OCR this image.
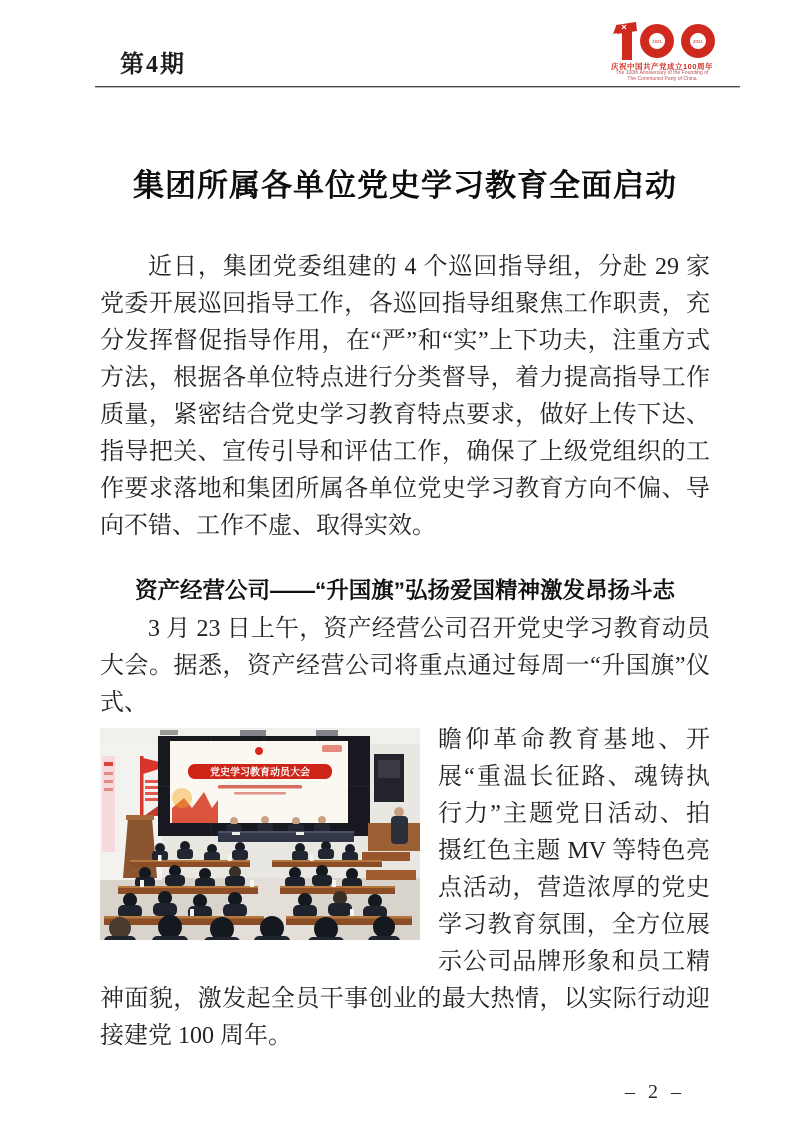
第4期
1921	2021
庆祝中国共产党成立100周年
The 100th Anniversary of the Founding of
The Communist Party of China
集团所属各单位党史学习教育全面启动

近日，集团党委组建的 4 个巡回指导组，分赴 29 家党委开展巡回指导工作，各巡回指导组聚焦工作职责，充分发挥督促指导作用，在“严”和“实”上下功夫，注重方式方法，根据各单位特点进行分类督导，着力提高指导工作质量，紧密结合党史学习教育特点要求，做好上传下达、指导把关、宣传引导和评估工作，确保了上级党组织的工作要求落地和集团所属各单位党史学习教育方向不偏、导向不错、工作不虚、取得实效。

资产经营公司——“升国旗”弘扬爱国精神激发昂扬斗志

3 月 23 日上午，资产经营公司召开党史学习教育动员大会。据悉，资产经营公司将重点通过每周一“升国旗”仪式、

党史学习教育动员大会
瞻仰革命教育基地、开展“重温长征路、魂铸执行力”主题党日活动、拍摄红色主题 MV 等特色亮点活动，营造浓厚的党史学习教育氛围，全方位展示公司品牌形象和员工精神面貌，激发起全员干事创业的最大热情，以实际行动迎接建党 100 周年。
– 2 –
